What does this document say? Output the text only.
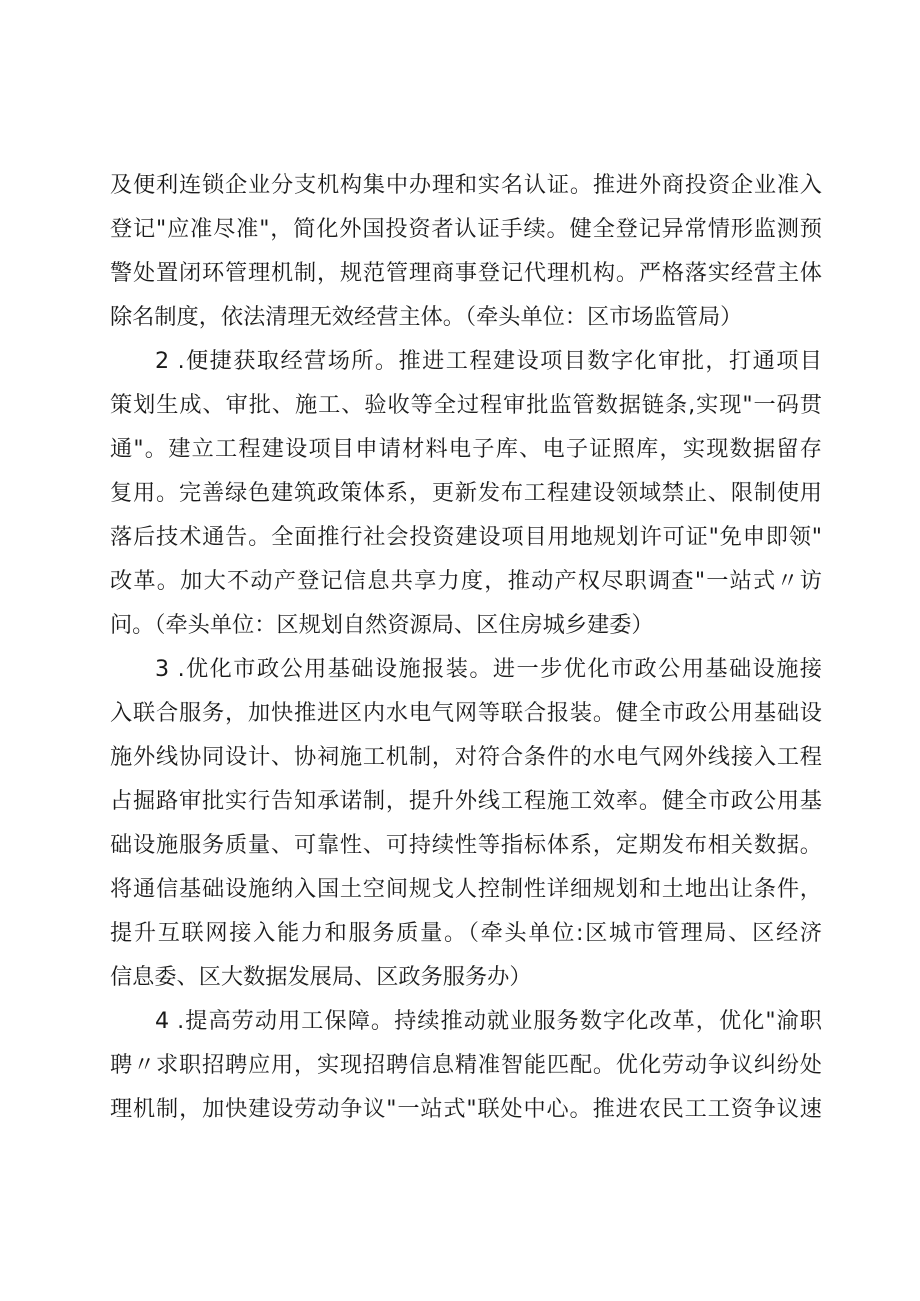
及便利连锁企业分支机构集中办理和实名认证。推进外商投资企业准入

登记"应准尽准"，简化外国投资者认证手续。健全登记异常情形监测预

警处置闭环管理机制，规范管理商事登记代理机构。严格落实经营主体

除名制度，依法清理无效经营主体。（牵头单位：区市场监管局）

2 .便捷获取经营场所。推进工程建设项目数字化审批，打通项目

策划生成、审批、施工、验收等全过程审批监管数据链条,实现"一码贯

通"。建立工程建设项目申请材料电子库、电子证照库，实现数据留存

复用。完善绿色建筑政策体系，更新发布工程建设领域禁止、限制使用

落后技术通告。全面推行社会投资建设项目用地规划许可证"免申即领"

改革。加大不动产登记信息共享力度，推动产权尽职调查"一站式〃访

问。（牵头单位：区规划自然资源局、区住房城乡建委）

3 .优化市政公用基础设施报装。进一步优化市政公用基础设施接

入联合服务，加快推进区内水电气网等联合报装。健全市政公用基础设

施外线协同设计、协祠施工机制，对符合条件的水电气网外线接入工程

占掘路审批实行告知承诺制，提升外线工程施工效率。健全市政公用基

础设施服务质量、可靠性、可持续性等指标体系，定期发布相关数据。

将通信基础设施纳入国土空间规戈人控制性详细规划和土地出让条件，

提升互联网接入能力和服务质量。（牵头单位:区城市管理局、区经济

信息委、区大数据发展局、区政务服务办）

4 .提高劳动用工保障。持续推动就业服务数字化改革，优化"渝职

聘〃求职招聘应用，实现招聘信息精准智能匹配。优化劳动争议纠纷处

理机制，加快建设劳动争议"一站式"联处中心。推进农民工工资争议速
